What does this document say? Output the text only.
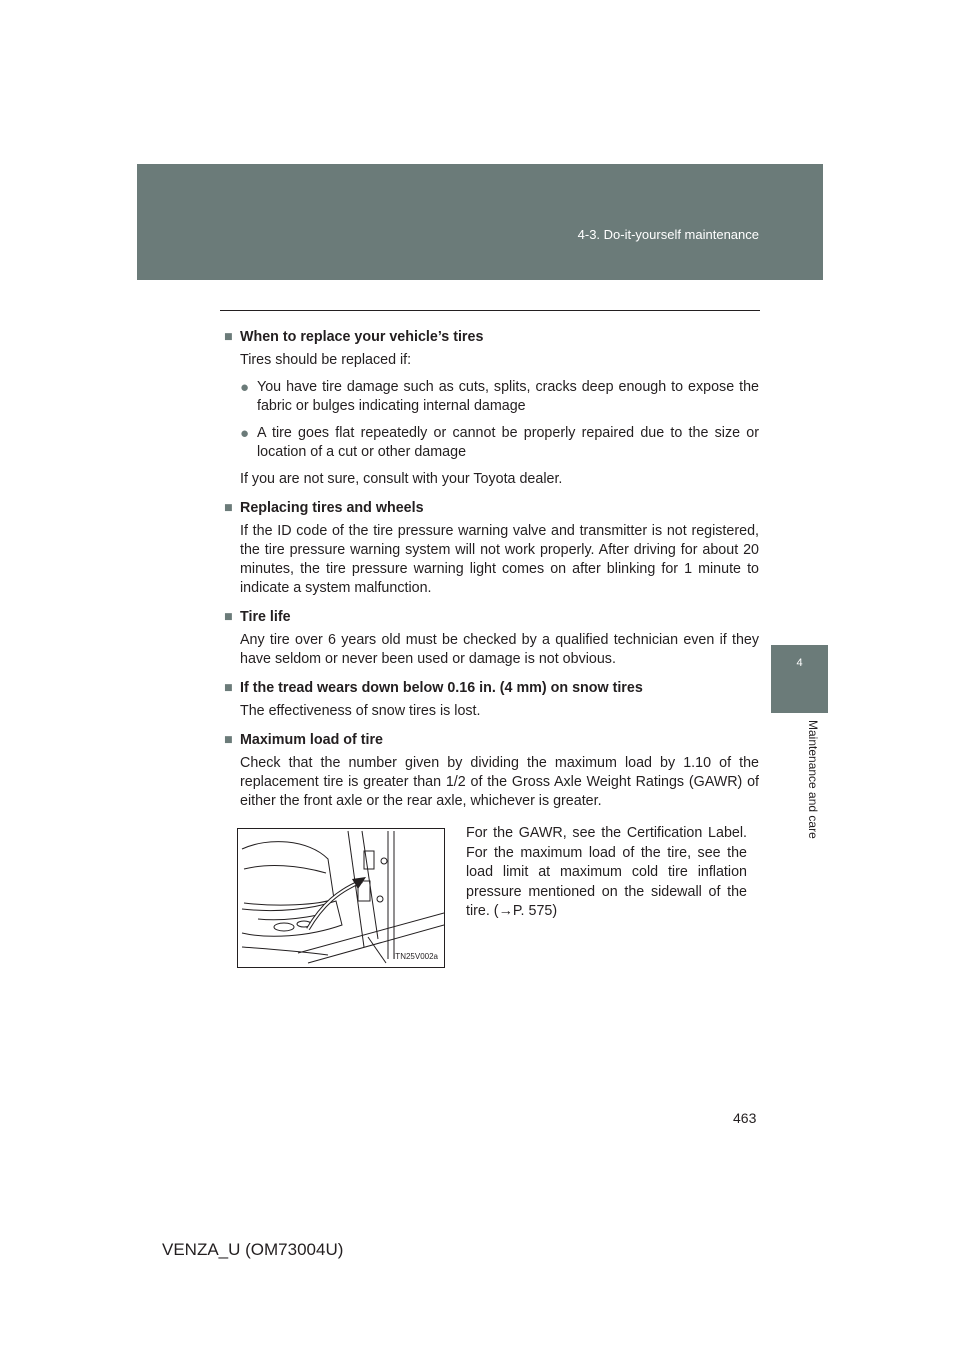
4-3. Do-it-yourself maintenance
4
Maintenance and care
■ When to replace your vehicle’s tires
Tires should be replaced if:
● You have tire damage such as cuts, splits, cracks deep enough to expose the fabric or bulges indicating internal damage
● A tire goes flat repeatedly or cannot be properly repaired due to the size or location of a cut or other damage
If you are not sure, consult with your Toyota dealer.
■ Replacing tires and wheels
If the ID code of the tire pressure warning valve and transmitter is not registered, the tire pressure warning system will not work properly. After driving for about 20 minutes, the tire pressure warning light comes on after blinking for 1 minute to indicate a system malfunction.
■ Tire life
Any tire over 6 years old must be checked by a qualified technician even if they have seldom or never been used or damage is not obvious.
■ If the tread wears down below 0.16 in. (4 mm) on snow tires
The effectiveness of snow tires is lost.
■ Maximum load of tire
Check that the number given by dividing the maximum load by 1.10 of the replacement tire is greater than 1/2 of the Gross Axle Weight Ratings (GAWR) of either the front axle or the rear axle, whichever is greater.
ITN25V002a
For the GAWR, see the Certification Label. For the maximum load of the tire, see the load limit at maximum cold tire inflation pressure mentioned on the sidewall of the tire. (→P. 575)
463
VENZA_U (OM73004U)
